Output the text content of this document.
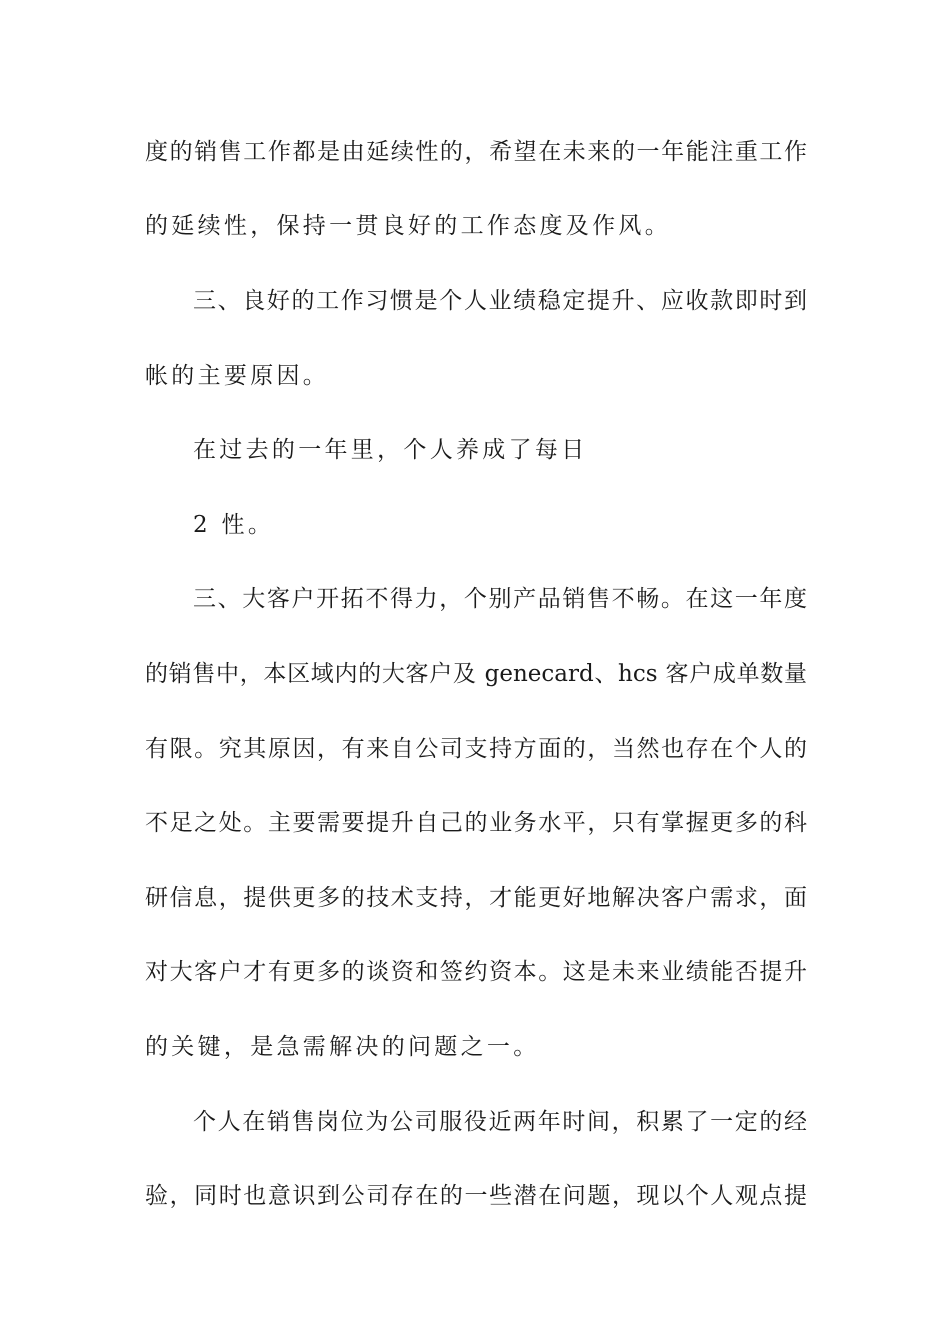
度的销售工作都是由延续性的，希望在未来的一年能注重工作
的延续性，保持一贯良好的工作态度及作风。
三、良好的工作习惯是个人业绩稳定提升、应收款即时到
帐的主要原因。
在过去的一年里，个人养成了每日
2 性。
三、大客户开拓不得力，个别产品销售不畅。在这一年度
的销售中，本区域内的大客户及 genecard、hcs 客户成单数量
有限。究其原因，有来自公司支持方面的，当然也存在个人的
不足之处。主要需要提升自己的业务水平，只有掌握更多的科
研信息，提供更多的技术支持，才能更好地解决客户需求，面
对大客户才有更多的谈资和签约资本。这是未来业绩能否提升
的关键，是急需解决的问题之一。
个人在销售岗位为公司服役近两年时间，积累了一定的经
验，同时也意识到公司存在的一些潜在问题，现以个人观点提
